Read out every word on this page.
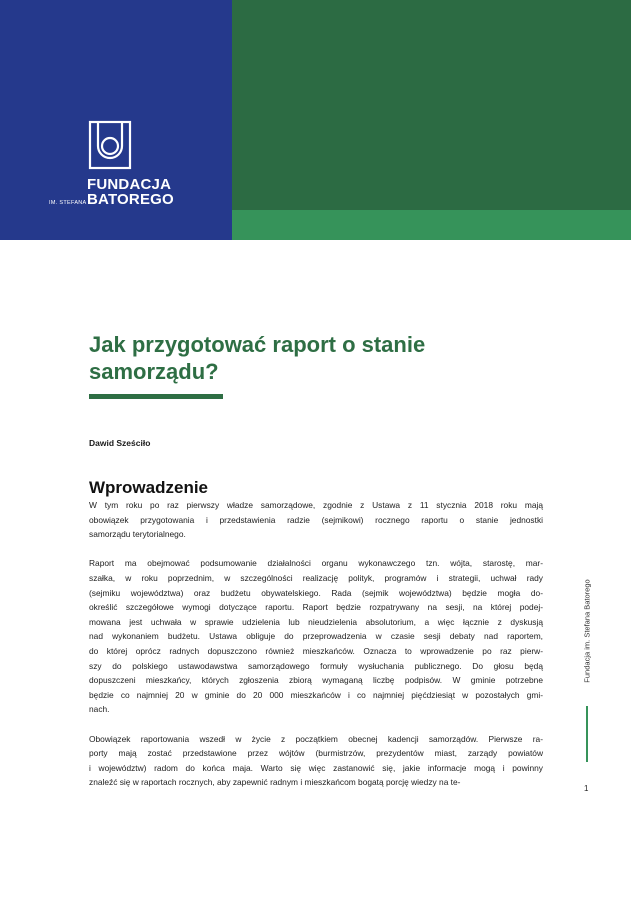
FUNDACJA
BATOREGO
IM. STEFANA
Jak przygotować raport o stanie samorządu?
Dawid Sześciło
Wprowadzenie

W tym roku po raz pierwszy władze samorządowe, zgodnie z Ustawa z 11 stycznia 2018 roku mają
obowiązek przygotowania i przedstawienia radzie (sejmikowi) rocznego raportu o stanie jednostki
samorządu terytorialnego.

Raport ma obejmować podsumowanie działalności organu wykonawczego tzn. wójta, starostę, mar-
szałka, w roku poprzednim, w szczególności realizację polityk, programów i strategii, uchwał rady
(sejmiku województwa) oraz budżetu obywatelskiego. Rada (sejmik województwa) będzie mogła do-
określić szczegółowe wymogi dotyczące raportu. Raport będzie rozpatrywany na sesji, na której podej-
mowana jest uchwała w sprawie udzielenia lub nieudzielenia absolutorium, a więc łącznie z dyskusją
nad wykonaniem budżetu. Ustawa obliguje do przeprowadzenia w czasie sesji debaty nad raportem,
do której oprócz radnych dopuszczono również mieszkańców. Oznacza to wprowadzenie po raz pierw-
szy do polskiego ustawodawstwa samorządowego formuły wysłuchania publicznego. Do głosu będą
dopuszczeni mieszkańcy, których zgłoszenia zbiorą wymaganą liczbę podpisów. W gminie potrzebne
będzie co najmniej 20 w gminie do 20 000 mieszkańców i co najmniej pięćdziesiąt w pozostałych gmi-
nach.

Obowiązek raportowania wszedł w życie z początkiem obecnej kadencji samorządów. Pierwsze ra-
porty mają zostać przedstawione przez wójtów (burmistrzów, prezydentów miast, zarządy powiatów
i województw) radom do końca maja. Warto się więc zastanowić się, jakie informacje mogą i powinny
znaleźć się w raportach rocznych, aby zapewnić radnym i mieszkańcom bogatą porcję wiedzy na te-

Fundacja im. Stefana Batorego
1
